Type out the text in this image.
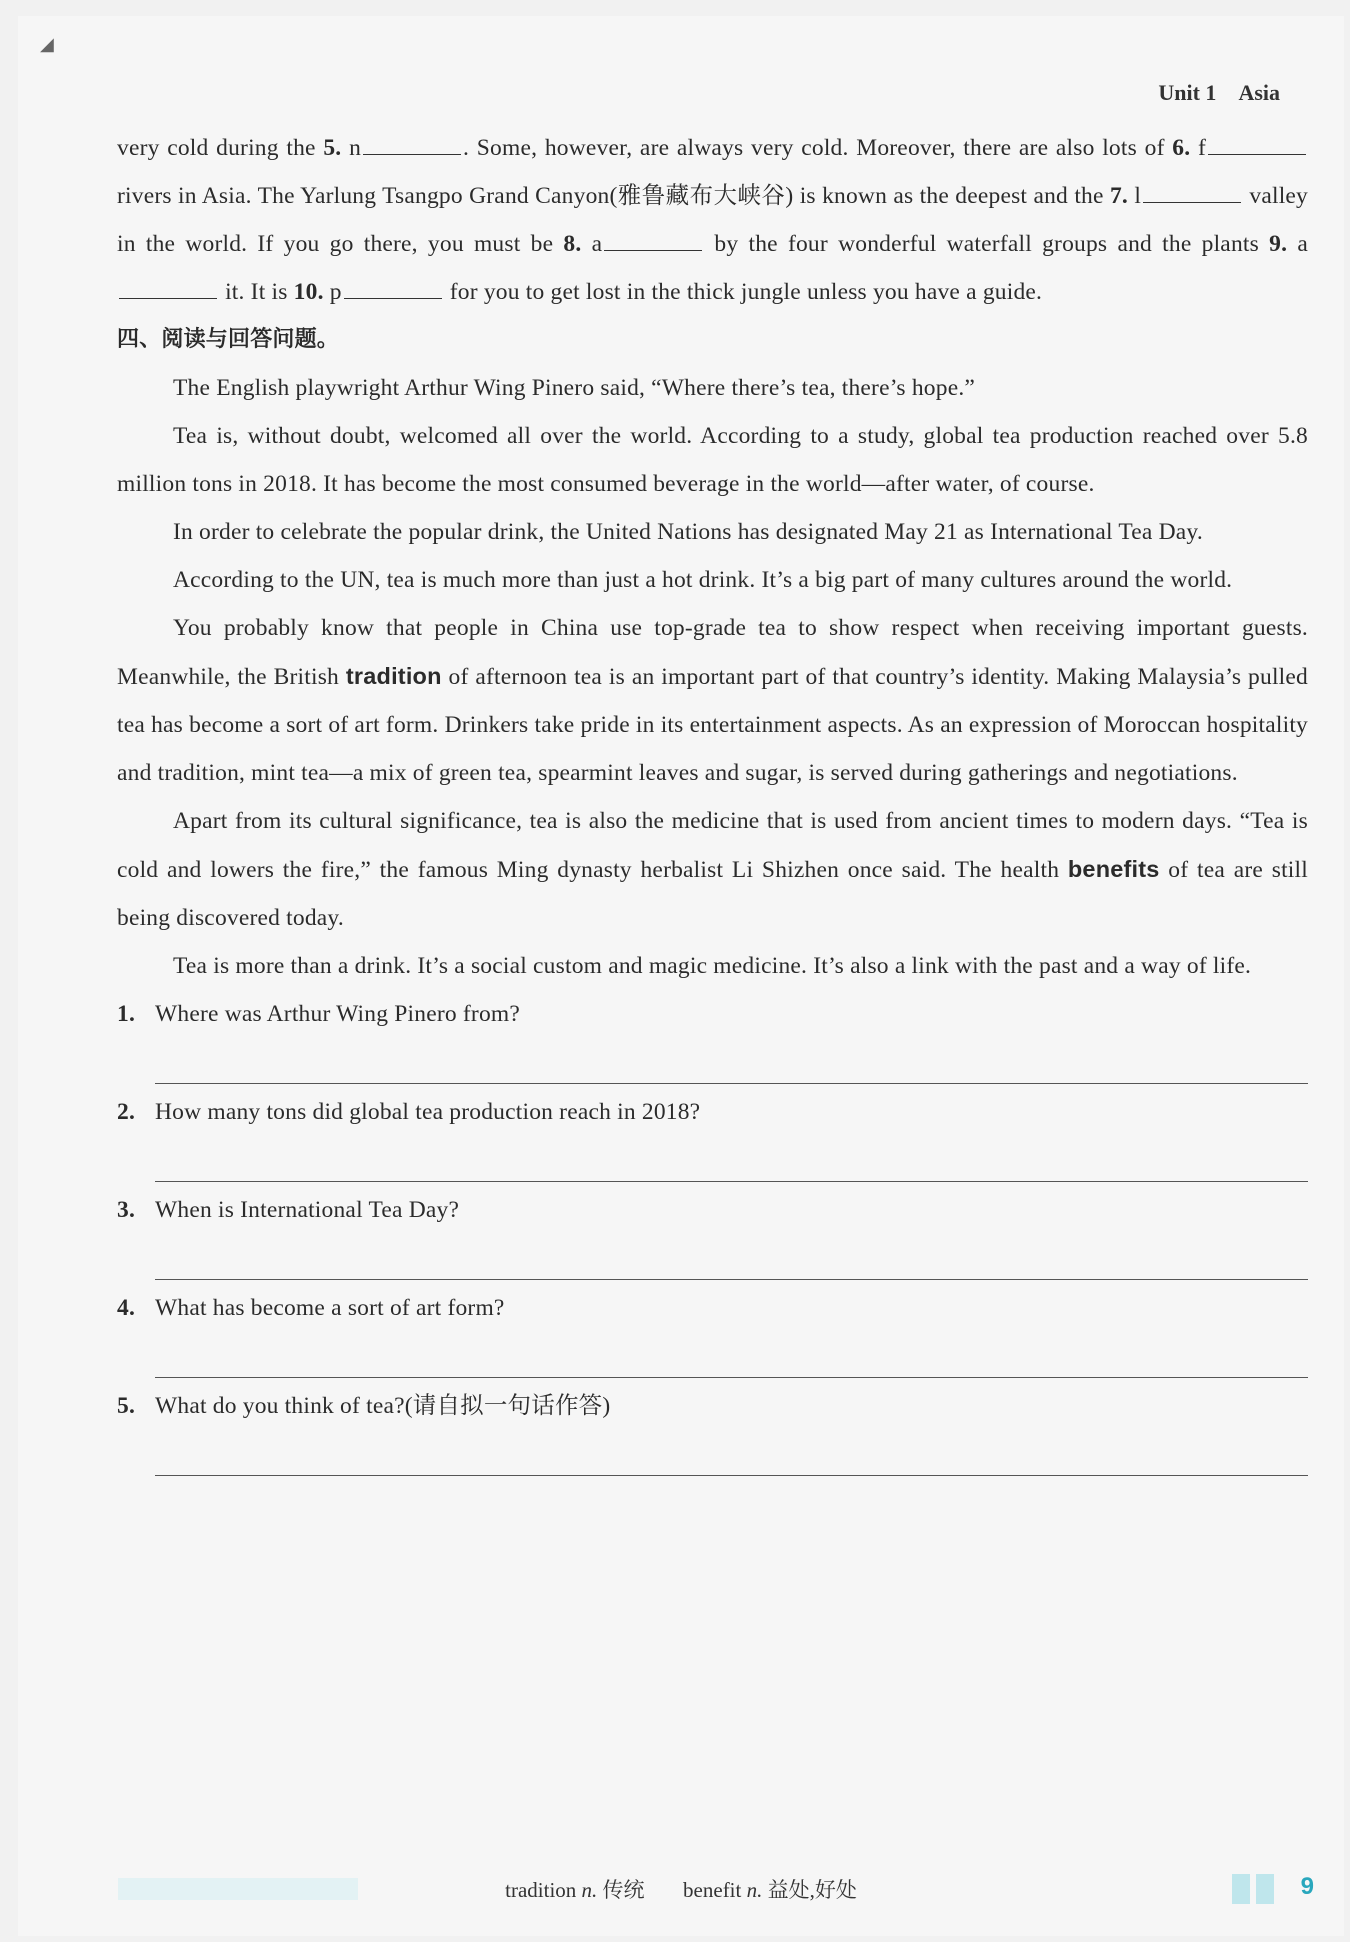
◢
Unit 1 Asia

very cold during the 5. n	. Some, however, are always very cold. Moreover, there are also lots of 6. f rivers in Asia. The Yarlung Tsangpo Grand Canyon(雅鲁藏布大峡谷) is known as the deepest and the 7. l	valley in the world. If you go there, you must be 8. a	by the four wonderful waterfall groups and the plants 9. a it. It is 10. p	for you to get lost in the thick jungle unless you have a guide.

四、阅读与回答问题。

The English playwright Arthur Wing Pinero said, “Where there’s tea, there’s hope.”

Tea is, without doubt, welcomed all over the world. According to a study, global tea production reached over 5.8 million tons in 2018. It has become the most consumed beverage in the world—after water, of course.

In order to celebrate the popular drink, the United Nations has designated May 21 as International Tea Day.

According to the UN, tea is much more than just a hot drink. It’s a big part of many cultures around the world.

You probably know that people in China use top-grade tea to show respect when receiving important guests. Meanwhile, the British tradition of afternoon tea is an important part of that country’s identity. Making Malaysia’s pulled tea has become a sort of art form. Drinkers take pride in its entertainment aspects. As an expression of Moroccan hospitality and tradition, mint tea—a mix of green tea, spearmint leaves and sugar, is served during gatherings and negotiations.

Apart from its cultural significance, tea is also the medicine that is used from ancient times to modern days. “Tea is cold and lowers the fire,” the famous Ming dynasty herbalist Li Shizhen once said. The health benefits of tea are still being discovered today.

Tea is more than a drink. It’s a social custom and magic medicine. It’s also a link with the past and a way of life.

1. Where was Arthur Wing Pinero from?
2. How many tons did global tea production reach in 2018?
3. When is International Tea Day?
4. What has become a sort of art form?
5. What do you think of tea?(请自拟一句话作答)
tradition n. 传统 benefit n. 益处,好处	9
